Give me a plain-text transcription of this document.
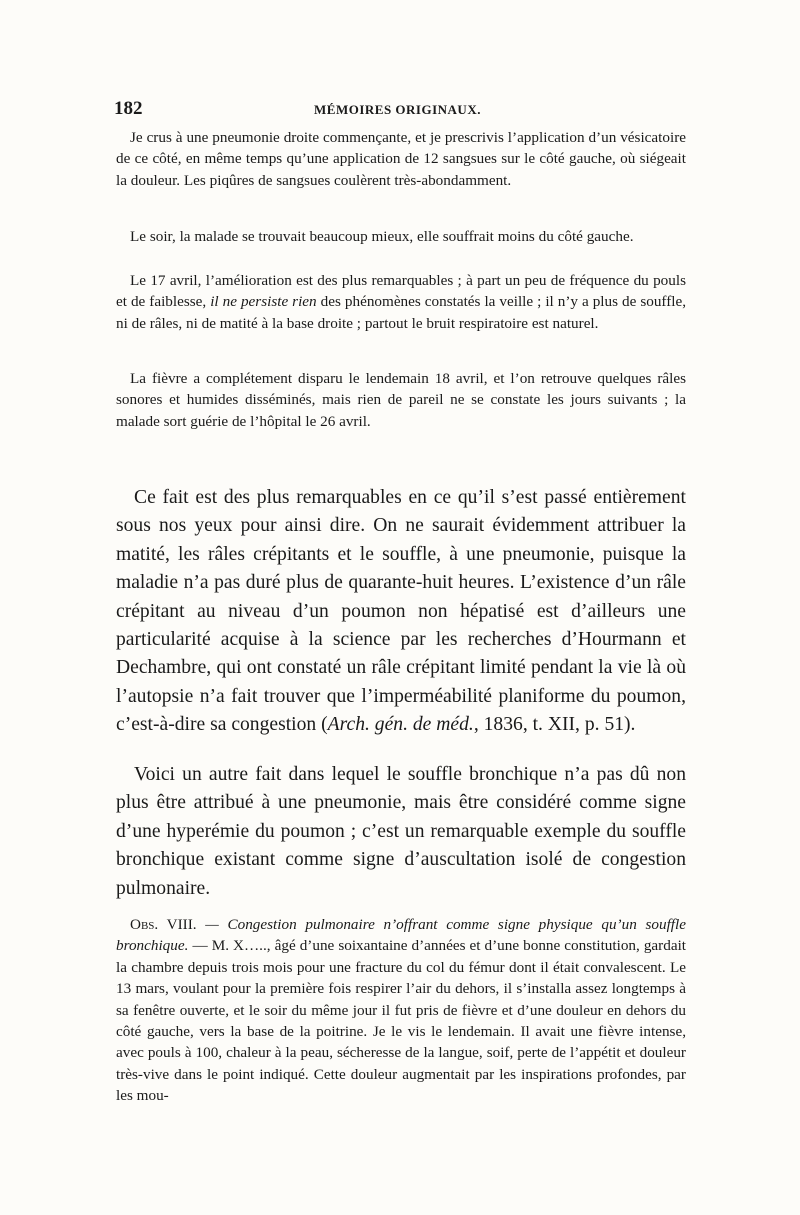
182	MÉMOIRES ORIGINAUX.

Je crus à une pneumonie droite commençante, et je prescrivis l’application d’un vésicatoire de ce côté, en même temps qu’une application de 12 sangsues sur le côté gauche, où siégeait la douleur. Les piqûres de sangsues coulèrent très-abondamment.

Le soir, la malade se trouvait beaucoup mieux, elle souffrait moins du côté gauche.

Le 17 avril, l’amélioration est des plus remarquables ; à part un peu de fréquence du pouls et de faiblesse, il ne persiste rien des phénomènes constatés la veille ; il n’y a plus de souffle, ni de râles, ni de matité à la base droite ; partout le bruit respiratoire est naturel.

La fièvre a complétement disparu le lendemain 18 avril, et l’on retrouve quelques râles sonores et humides disséminés, mais rien de pareil ne se constate les jours suivants ; la malade sort guérie de l’hôpital le 26 avril.

Ce fait est des plus remarquables en ce qu’il s’est passé entièrement sous nos yeux pour ainsi dire. On ne saurait évidemment attribuer la matité, les râles crépitants et le souffle, à une pneumonie, puisque la maladie n’a pas duré plus de quarante-huit heures. L’existence d’un râle crépitant au niveau d’un poumon non hépatisé est d’ailleurs une particularité acquise à la science par les recherches d’Hourmann et Dechambre, qui ont constaté un râle crépitant limité pendant la vie là où l’autopsie n’a fait trouver que l’imperméabilité planiforme du poumon, c’est-à-dire sa congestion (Arch. gén. de méd., 1836, t. XII, p. 51).

Voici un autre fait dans lequel le souffle bronchique n’a pas dû non plus être attribué à une pneumonie, mais être considéré comme signe d’une hyperémie du poumon ; c’est un remarquable exemple du souffle bronchique existant comme signe d’auscultation isolé de congestion pulmonaire.

Obs. VIII. — Congestion pulmonaire n’offrant comme signe physique qu’un souffle bronchique. — M. X….., âgé d’une soixantaine d’années et d’une bonne constitution, gardait la chambre depuis trois mois pour une fracture du col du fémur dont il était convalescent. Le 13 mars, voulant pour la première fois respirer l’air du dehors, il s’installa assez longtemps à sa fenêtre ouverte, et le soir du même jour il fut pris de fièvre et d’une douleur en dehors du côté gauche, vers la base de la poitrine. Je le vis le lendemain. Il avait une fièvre intense, avec pouls à 100, chaleur à la peau, sécheresse de la langue, soif, perte de l’appétit et douleur très-vive dans le point indiqué. Cette douleur augmentait par les inspirations profondes, par les mou-
